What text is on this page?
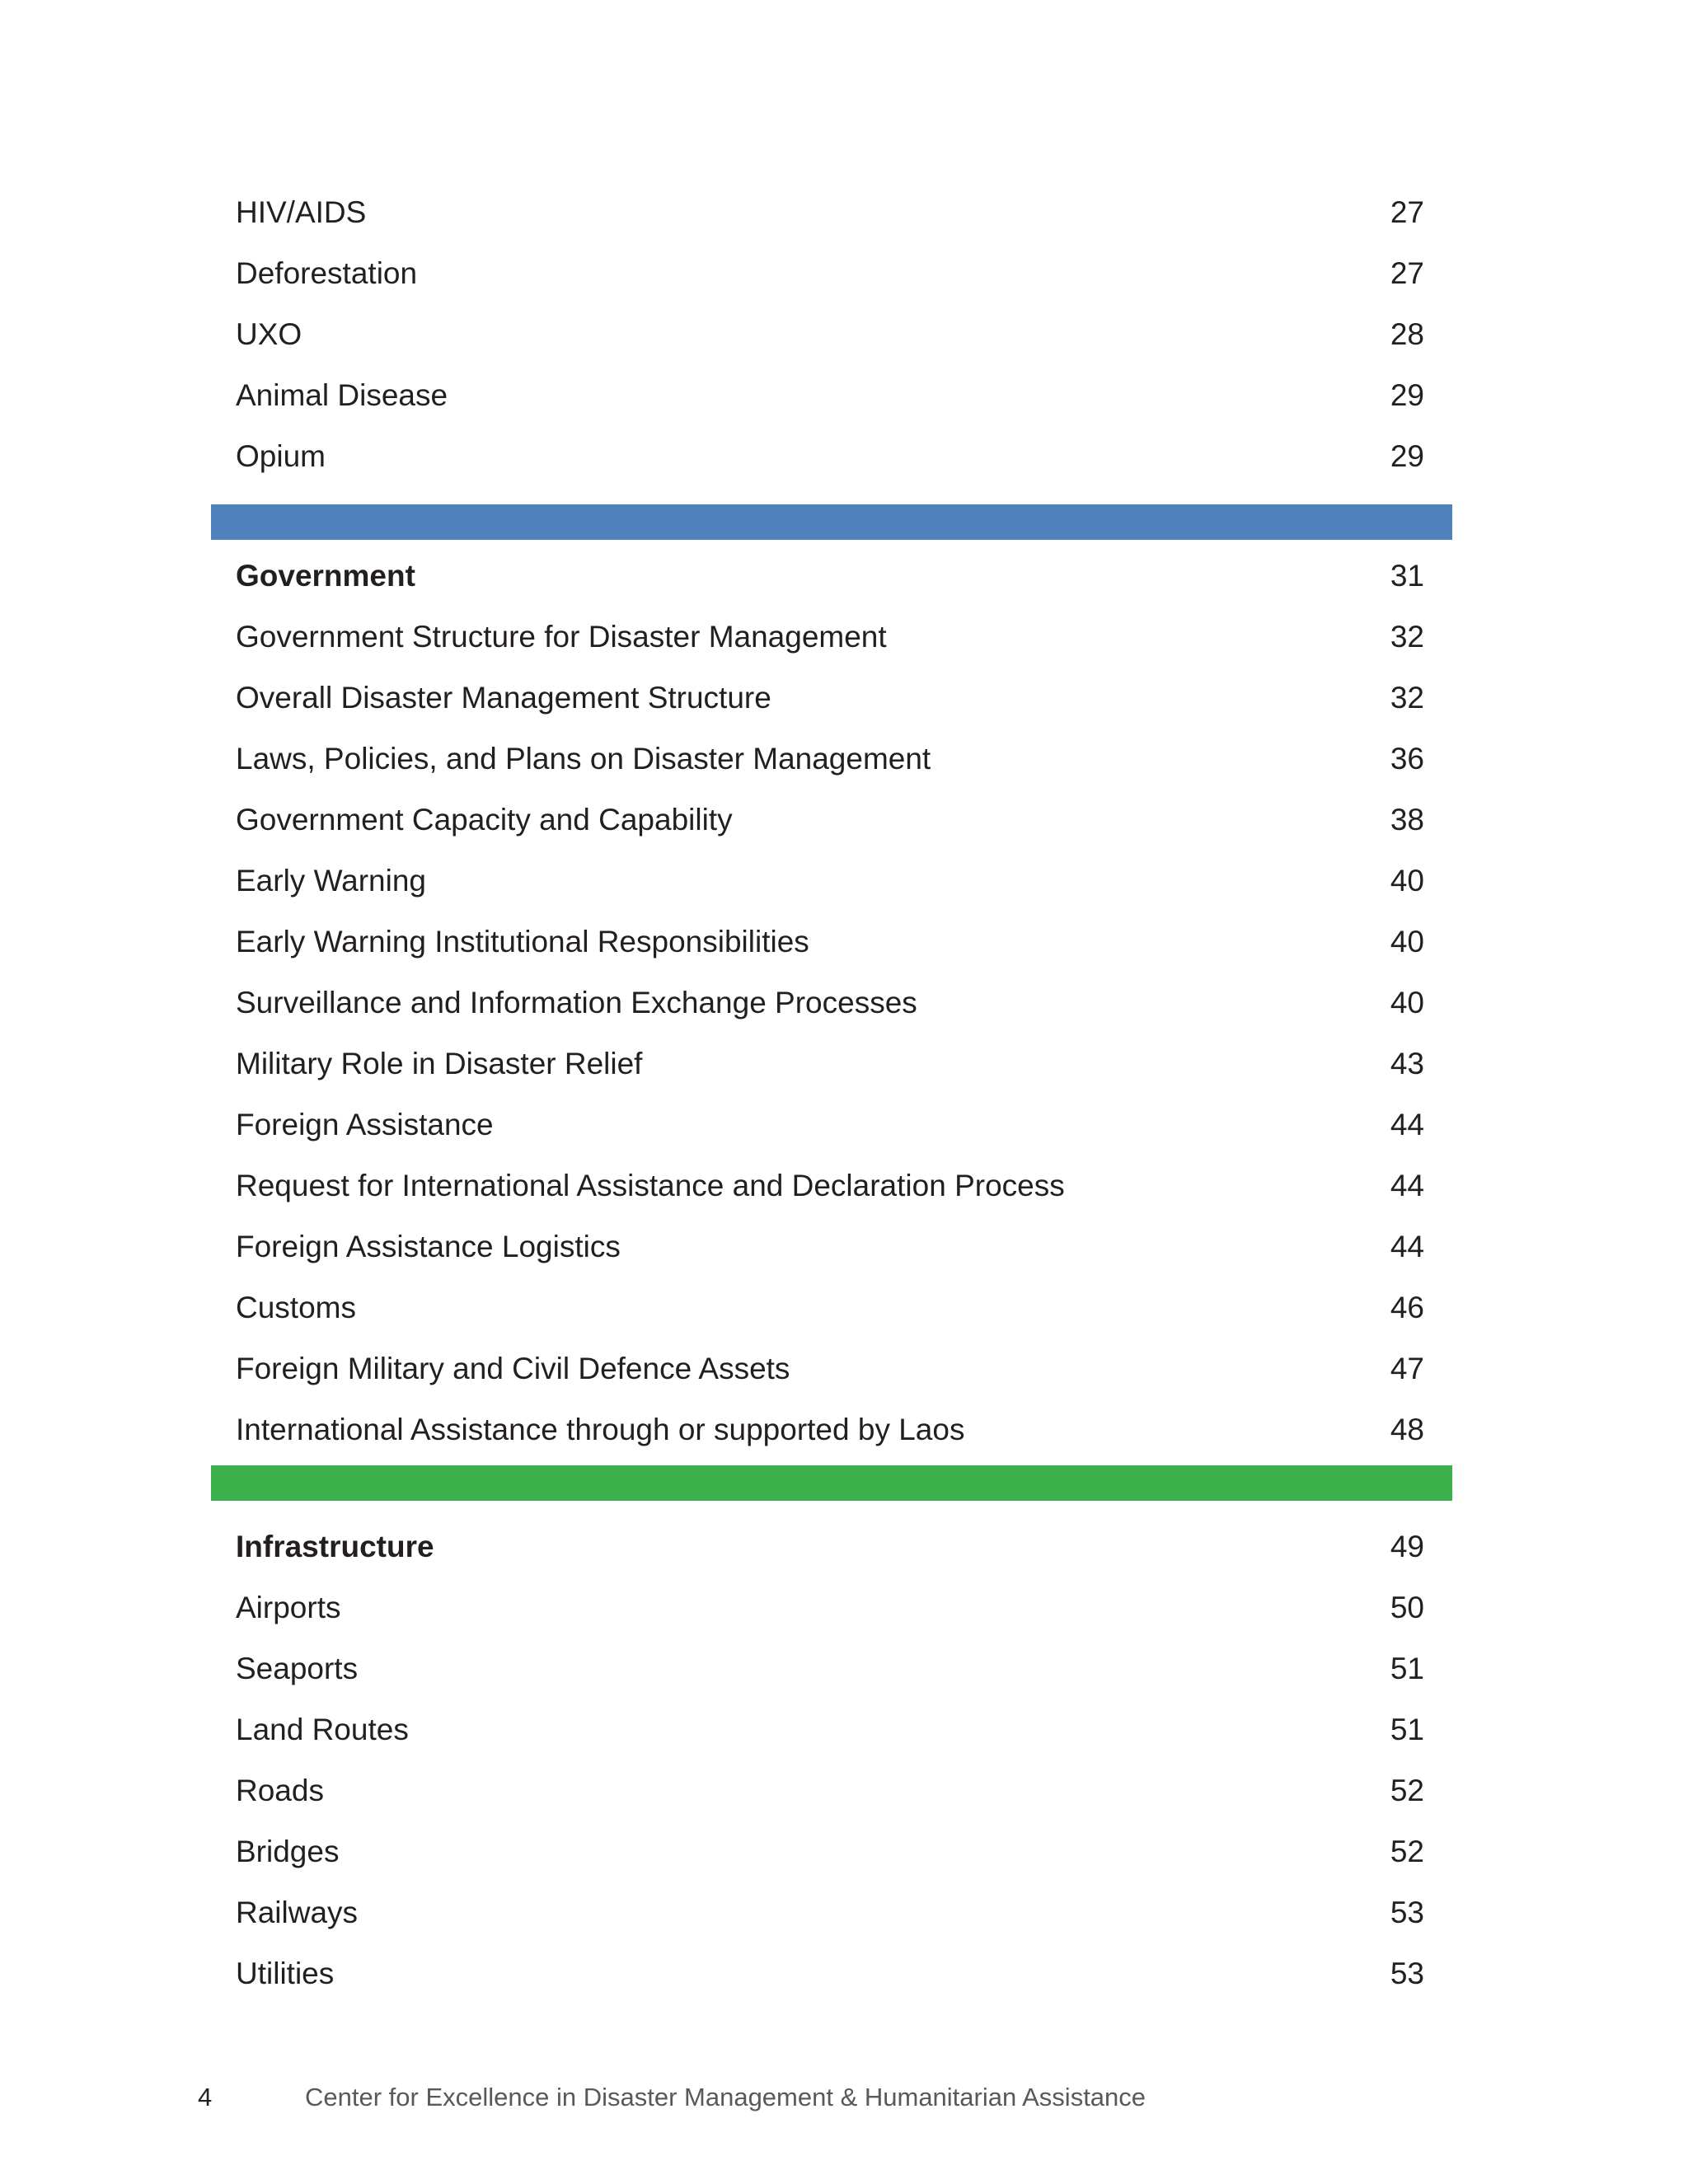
HIV/AIDS	27
Deforestation	27
UXO	28
Animal Disease	29
Opium	29
Government	31
Government Structure for Disaster Management	32
Overall Disaster Management Structure	32
Laws, Policies, and Plans on Disaster Management	36
Government Capacity and Capability	38
Early Warning	40
Early Warning Institutional Responsibilities	40
Surveillance and Information Exchange Processes	40
Military Role in Disaster Relief	43
Foreign Assistance	44
Request for International Assistance and Declaration Process	44
Foreign Assistance Logistics	44
Customs	46
Foreign Military and Civil Defence Assets	47
International Assistance through or supported by Laos	48
Infrastructure	49
Airports	50
Seaports	51
Land Routes	51
Roads	52
Bridges	52
Railways	53
Utilities	53
4	Center for Excellence in Disaster Management & Humanitarian Assistance
